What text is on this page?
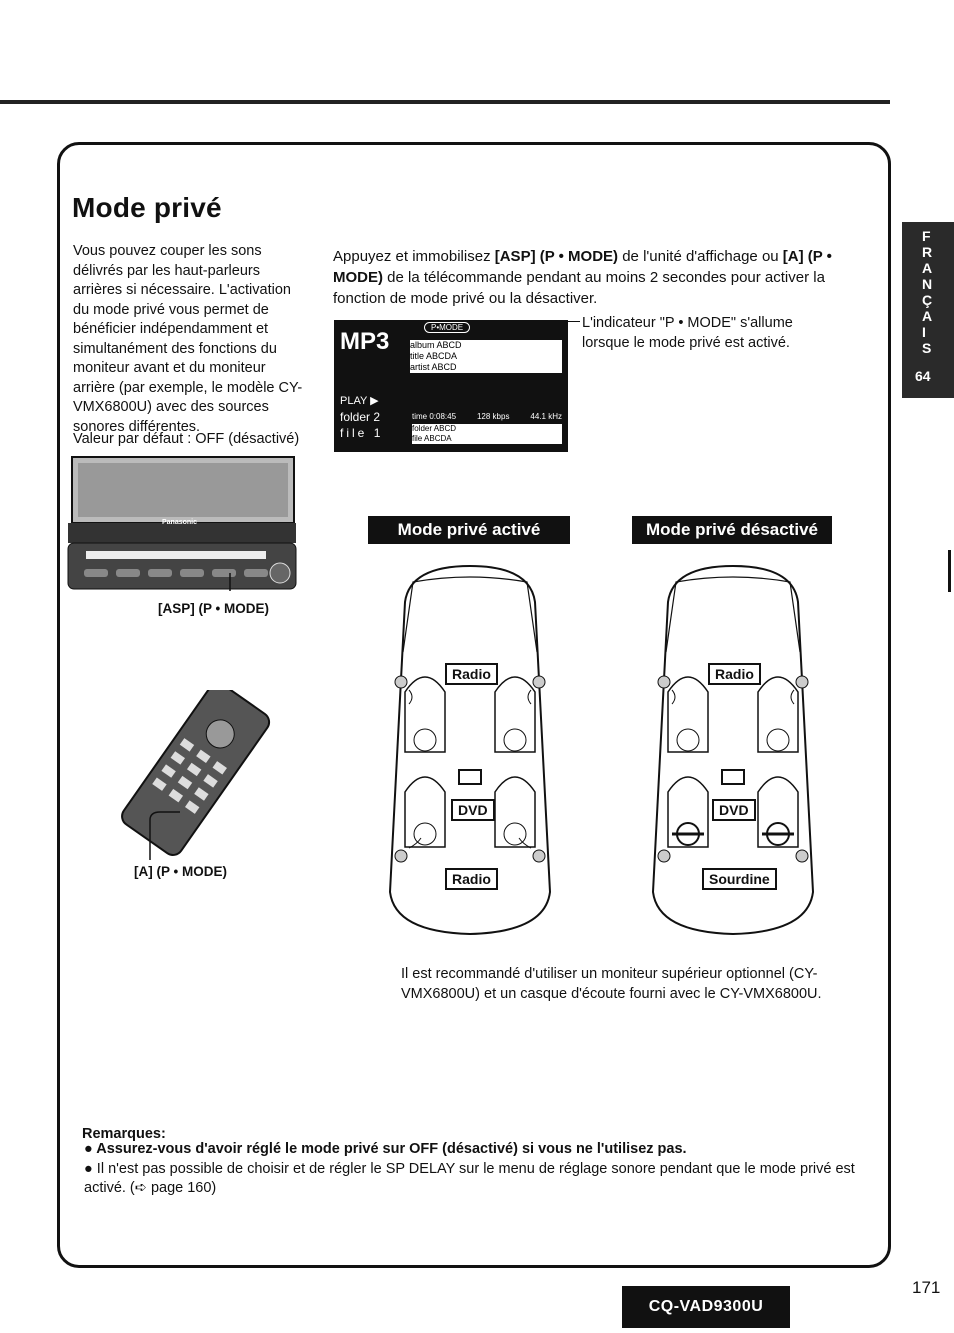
Mode privé
Vous pouvez couper les sons délivrés par les haut-parleurs arrières si nécessaire. L'activation du mode privé vous permet de bénéficier indépendamment et simultanément des fonctions du moniteur avant et du moniteur arrière (par exemple, le modèle CY-VMX6800U) avec des sources sonores différentes.
Valeur par défaut : OFF (désactivé)
Appuyez et immobilisez [ASP] (P • MODE) de l'unité d'affichage ou [A] (P • MODE) de la télécommande pendant au moins 2 secondes pour activer la fonction de mode privé ou la désactiver.
MP3
P•MODE
album ABCD
title ABCDA
artist ABCD
PLAY ▶
folder 2
file 1
time 0:08:45	128 kbps	44.1 kHz
folder ABCD
file ABCDA
L'indicateur "P • MODE" s'allume lorsque le mode privé est activé.
Panasonic
[ASP] (P • MODE)
[A] (P • MODE)
Mode privé activé
Radio
DVD
Radio
Mode privé désactivé
Radio
DVD
Sourdine
Il est recommandé d'utiliser un moniteur supérieur optionnel (CY-VMX6800U) et un casque d'écoute fourni avec le CY-VMX6800U.
Remarques:
● Assurez-vous d'avoir réglé le mode privé sur OFF (désactivé) si vous ne l'utilisez pas.
● Il n'est pas possible de choisir et de régler le SP DELAY sur le menu de réglage sonore pendant que le mode privé est activé. (➪ page 160)
F
R
A
N
Ç
A
I
S
64
CQ-VAD9300U
171
